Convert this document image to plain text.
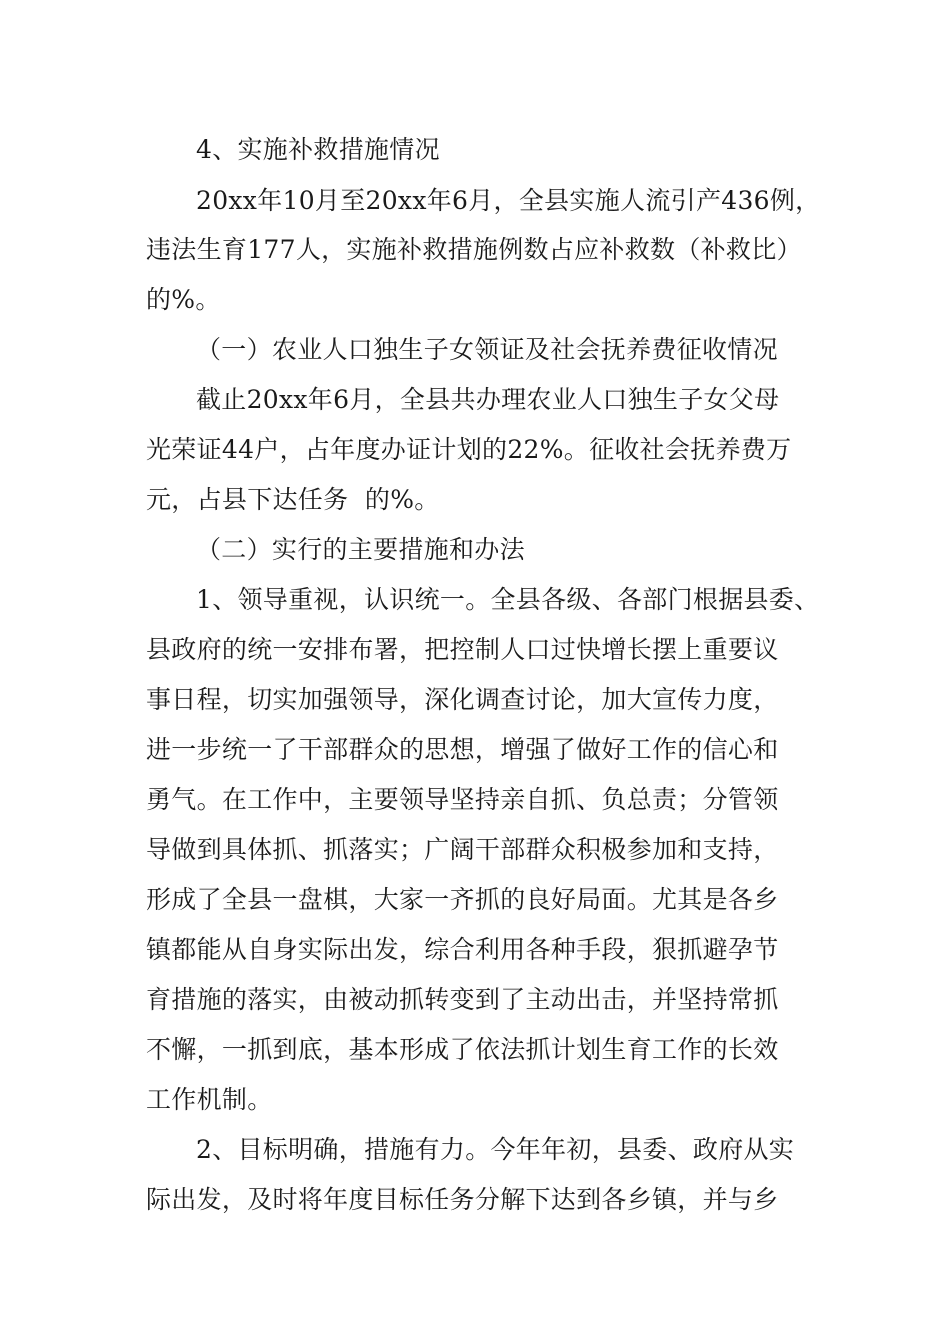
4、实施补救措施情况
20xx年10月至20xx年6月，全县实施人流引产436例，
违法生育177人，实施补救措施例数占应补救数（补救比）
的%。
（一）农业人口独生子女领证及社会抚养费征收情况
截止20xx年6月，全县共办理农业人口独生子女父母
光荣证44户，占年度办证计划的22%。征收社会抚养费万
元，占县下达任务  的%。
（二）实行的主要措施和办法
1、领导重视，认识统一。全县各级、各部门根据县委、
县政府的统一安排布署，把控制人口过快增长摆上重要议
事日程，切实加强领导，深化调查讨论，加大宣传力度，
进一步统一了干部群众的思想，增强了做好工作的信心和
勇气。在工作中，主要领导坚持亲自抓、负总责；分管领
导做到具体抓、抓落实；广阔干部群众积极参加和支持，
形成了全县一盘棋，大家一齐抓的良好局面。尤其是各乡
镇都能从自身实际出发，综合利用各种手段，狠抓避孕节
育措施的落实，由被动抓转变到了主动出击，并坚持常抓
不懈，一抓到底，基本形成了依法抓计划生育工作的长效
工作机制。
2、目标明确，措施有力。今年年初，县委、政府从实
际出发，及时将年度目标任务分解下达到各乡镇，并与乡
